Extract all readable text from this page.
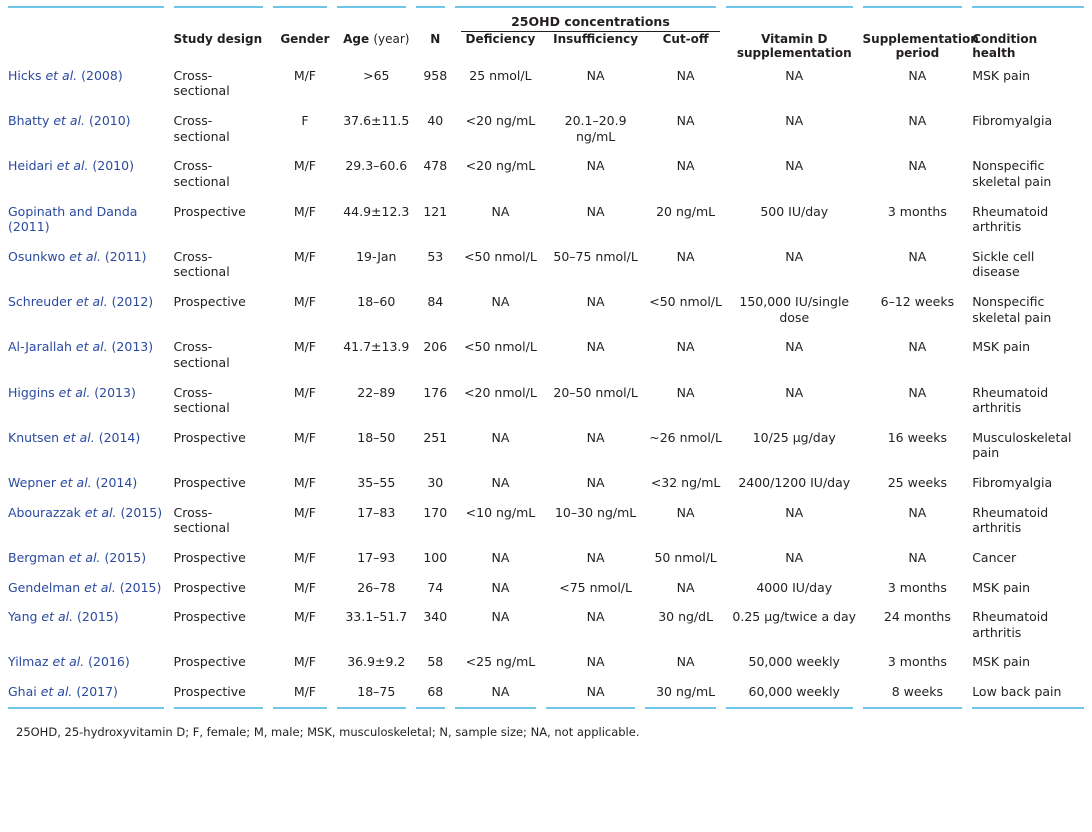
					25OHD concentrations					

	Study design	Gender	Age (year)	N	Deficiency	Insufficiency	Cut-off	Vitamin D supplementation	Supplementation period	Condition health
Hicks et al. (2008)	Cross-sectional	M/F	>65	958	25 nmol/L	NA	NA	NA	NA	MSK pain
Bhatty et al. (2010)	Cross-sectional	F	37.6±11.5	40	<20 ng/mL	20.1–20.9 ng/mL	NA	NA	NA	Fibromyalgia
Heidari et al. (2010)	Cross-sectional	M/F	29.3–60.6	478	<20 ng/mL	NA	NA	NA	NA	Nonspecific skeletal pain
Gopinath and Danda (2011)	Prospective	M/F	44.9±12.3	121	NA	NA	20 ng/mL	500 IU/day	3 months	Rheumatoid arthritis
Osunkwo et al. (2011)	Cross-sectional	M/F	19-Jan	53	<50 nmol/L	50–75 nmol/L	NA	NA	NA	Sickle cell disease
Schreuder et al. (2012)	Prospective	M/F	18–60	84	NA	NA	<50 nmol/L	150,000 IU/single dose	6–12 weeks	Nonspecific skeletal pain
Al-Jarallah et al. (2013)	Cross-sectional	M/F	41.7±13.9	206	<50 nmol/L	NA	NA	NA	NA	MSK pain
Higgins et al. (2013)	Cross-sectional	M/F	22–89	176	<20 nmol/L	20–50 nmol/L	NA	NA	NA	Rheumatoid arthritis
Knutsen et al. (2014)	Prospective	M/F	18–50	251	NA	NA	~26 nmol/L	10/25 µg/day	16 weeks	Musculoskeletal pain
Wepner et al. (2014)	Prospective	M/F	35–55	30	NA	NA	<32 ng/mL	2400/1200 IU/day	25 weeks	Fibromyalgia
Abourazzak et al. (2015)	Cross-sectional	M/F	17–83	170	<10 ng/mL	10–30 ng/mL	NA	NA	NA	Rheumatoid arthritis
Bergman et al. (2015)	Prospective	M/F	17–93	100	NA	NA	50 nmol/L	NA	NA	Cancer
Gendelman et al. (2015)	Prospective	M/F	26–78	74	NA	<75 nmol/L	NA	4000 IU/day	3 months	MSK pain
Yang et al. (2015)	Prospective	M/F	33.1–51.7	340	NA	NA	30 ng/dL	0.25 µg/twice a day	24 months	Rheumatoid arthritis
Yilmaz et al. (2016)	Prospective	M/F	36.9±9.2	58	<25 ng/mL	NA	NA	50,000 weekly	3 months	MSK pain
Ghai et al. (2017)	Prospective	M/F	18–75	68	NA	NA	30 ng/mL	60,000 weekly	8 weeks	Low back pain

25OHD, 25-hydroxyvitamin D; F, female; M, male; MSK, musculoskeletal; N, sample size; NA, not applicable.
